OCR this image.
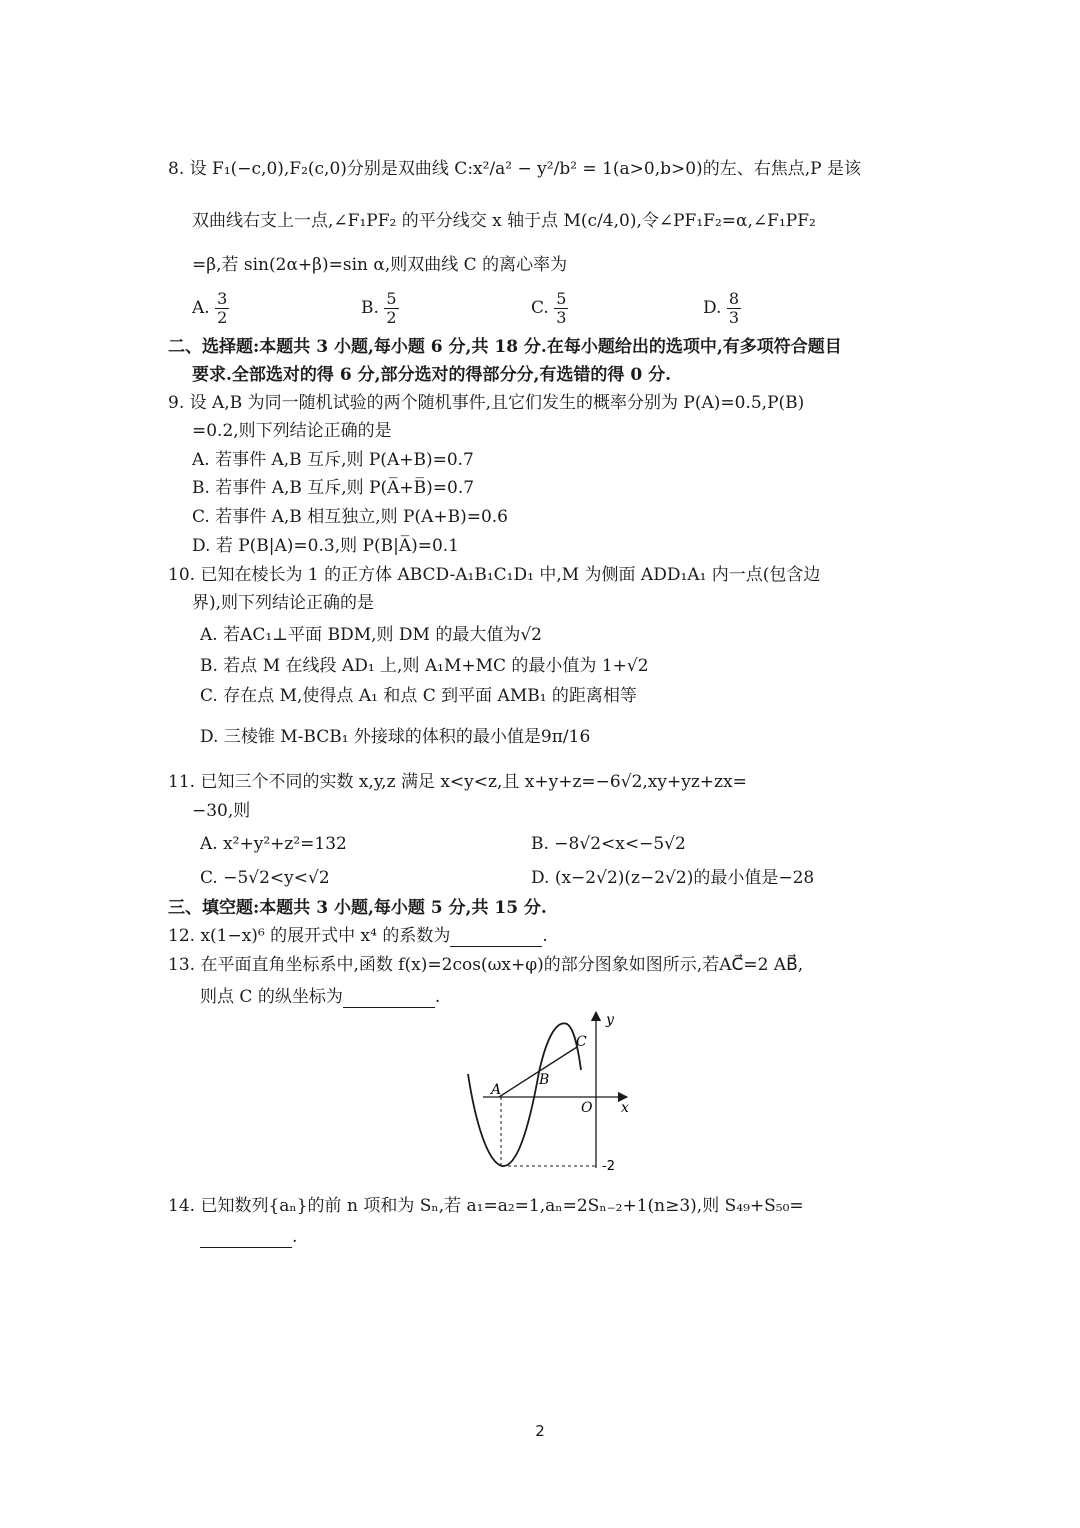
8. 设 F₁(−c,0),F₂(c,0)分别是双曲线 C:x²/a² − y²/b² = 1(a>0,b>0)的左、右焦点,P 是该
双曲线右支上一点,∠F₁PF₂ 的平分线交 x 轴于点 M(c/4,0),令∠PF₁F₂=α,∠F₁PF₂
=β,若 sin(2α+β)=sin α,则双曲线 C 的离心率为
A. $\frac{3}{2}$	B. $\frac{5}{2}$	C. $\frac{5}{3}$	D. $\frac{8}{3}$
二、选择题:本题共 3 小题,每小题 6 分,共 18 分.在每小题给出的选项中,有多项符合题目
要求.全部选对的得 6 分,部分选对的得部分分,有选错的得 0 分.
9. 设 A,B 为同一随机试验的两个随机事件,且它们发生的概率分别为 P(A)=0.5,P(B)
=0.2,则下列结论正确的是
A. 若事件 A,B 互斥,则 P(A+B)=0.7
B. 若事件 A,B 互斥,则 P(A̅+B̅)=0.7
C. 若事件 A,B 相互独立,则 P(A+B)=0.6
D. 若 P(B|A)=0.3,则 P(B|A̅)=0.1
10. 已知在棱长为 1 的正方体 ABCD-A₁B₁C₁D₁ 中,M 为侧面 ADD₁A₁ 内一点(包含边
界),则下列结论正确的是
A. 若AC₁⊥平面 BDM,则 DM 的最大值为√2
B. 若点 M 在线段 AD₁ 上,则 A₁M+MC 的最小值为 1+√2
C. 存在点 M,使得点 A₁ 和点 C 到平面 AMB₁ 的距离相等
D. 三棱锥 M-BCB₁ 外接球的体积的最小值是9π/16
11. 已知三个不同的实数 x,y,z 满足 x<y<z,且 x+y+z=−6√2,xy+yz+zx=
−30,则
A. x²+y²+z²=132	B. −8√2<x<−5√2
C. −5√2<y<√2	D. (x−2√2)(z−2√2)的最小值是−28
三、填空题:本题共 3 小题,每小题 5 分,共 15 分.
12. x(1−x)⁶ 的展开式中 x⁴ 的系数为	.
13. 在平面直角坐标系中,函数 f(x)=2cos(ωx+φ)的部分图象如图所示,若AC⃗=2 AB⃗,
则点 C 的纵坐标为	.
y
x
O
A
B
C
-2
14. 已知数列{aₙ}的前 n 项和为 Sₙ,若 a₁=a₂=1,aₙ=2Sₙ₋₂+1(n≥3),则 S₄₉+S₅₀=
.
2
